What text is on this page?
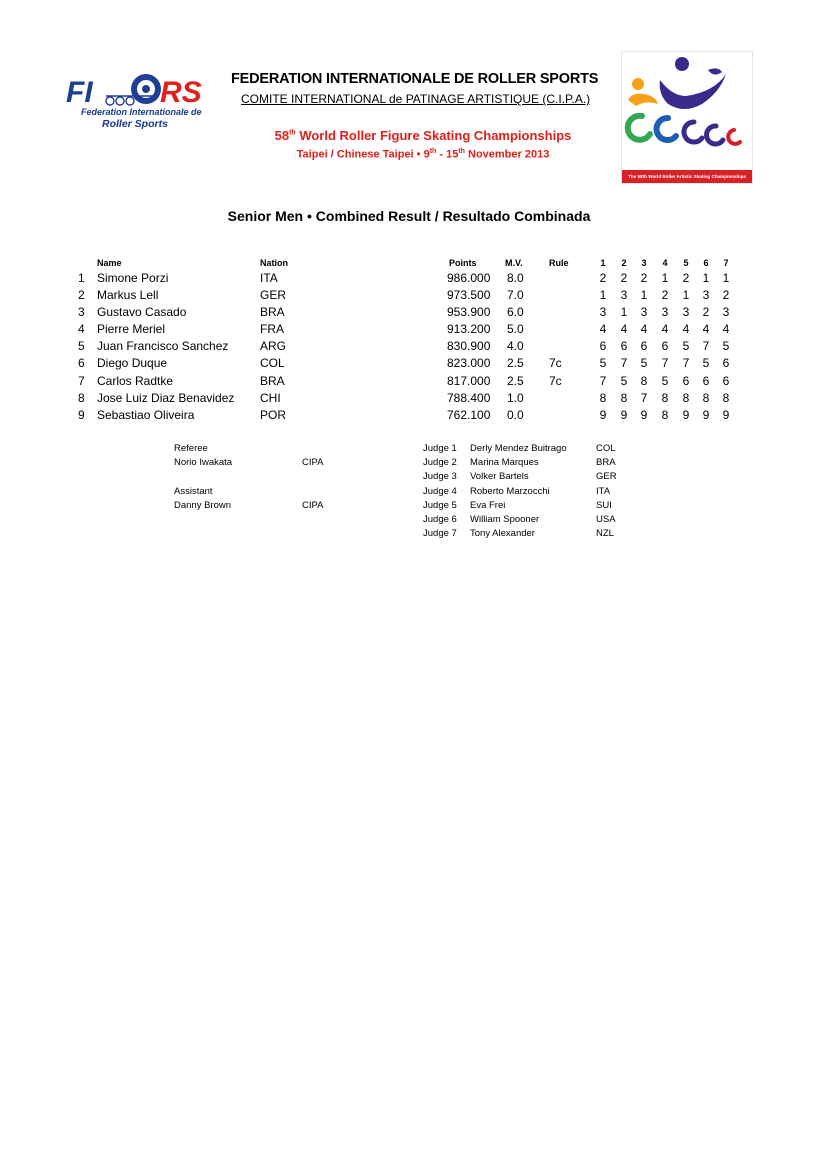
FI RS
Federation Internationale de
Roller Sports
FEDERATION INTERNATIONALE DE ROLLER SPORTS
COMITE INTERNATIONAL de PATINAGE ARTISTIQUE (C.I.P.A.)
58th World Roller Figure Skating Championships
Taipei / Chinese Taipei • 9th - 15th November 2013
The 58th World Roller Artistic Skating Championships
Senior Men • Combined Result / Resultado Combinada
Name	Nation	Points	M.V.	Rule	1 2 3 4 5 6 7
1 Simone Porzi	ITA	986.000 8.0	2 2 2 1 2 1 1
2 Markus Lell	GER	973.500 7.0	1 3 1 2 1 3 2
3 Gustavo Casado	BRA	953.900 6.0	3 1 3 3 3 2 3
4 Pierre Meriel	FRA	913.200 5.0	4 4 4 4 4 4 4
5 Juan Francisco Sanchez	ARG	830.900 4.0	6 6 6 6 5 7 5
6 Diego Duque	COL	823.000 2.5 7c	5 7 5 7 7 5 6
7 Carlos Radtke	BRA	817.000 2.5 7c	7 5 8 5 6 6 6
8 Jose Luiz Diaz Benavidez CHI	788.400 1.0	8 8 7 8 8 8 8
9 Sebastiao Oliveira	POR	762.100 0.0	9 9 9 8 9 9 9
Referee
Norio Iwakata	CIPA
Assistant
Danny Brown	CIPA
Judge 1 Derly Mendez Buitrago	COL
Judge 2 Marina Marques	BRA
Judge 3 Volker Bartels	GER
Judge 4 Roberto Marzocchi	ITA
Judge 5 Eva Frei	SUI
Judge 6 William Spooner	USA
Judge 7 Tony Alexander	NZL
